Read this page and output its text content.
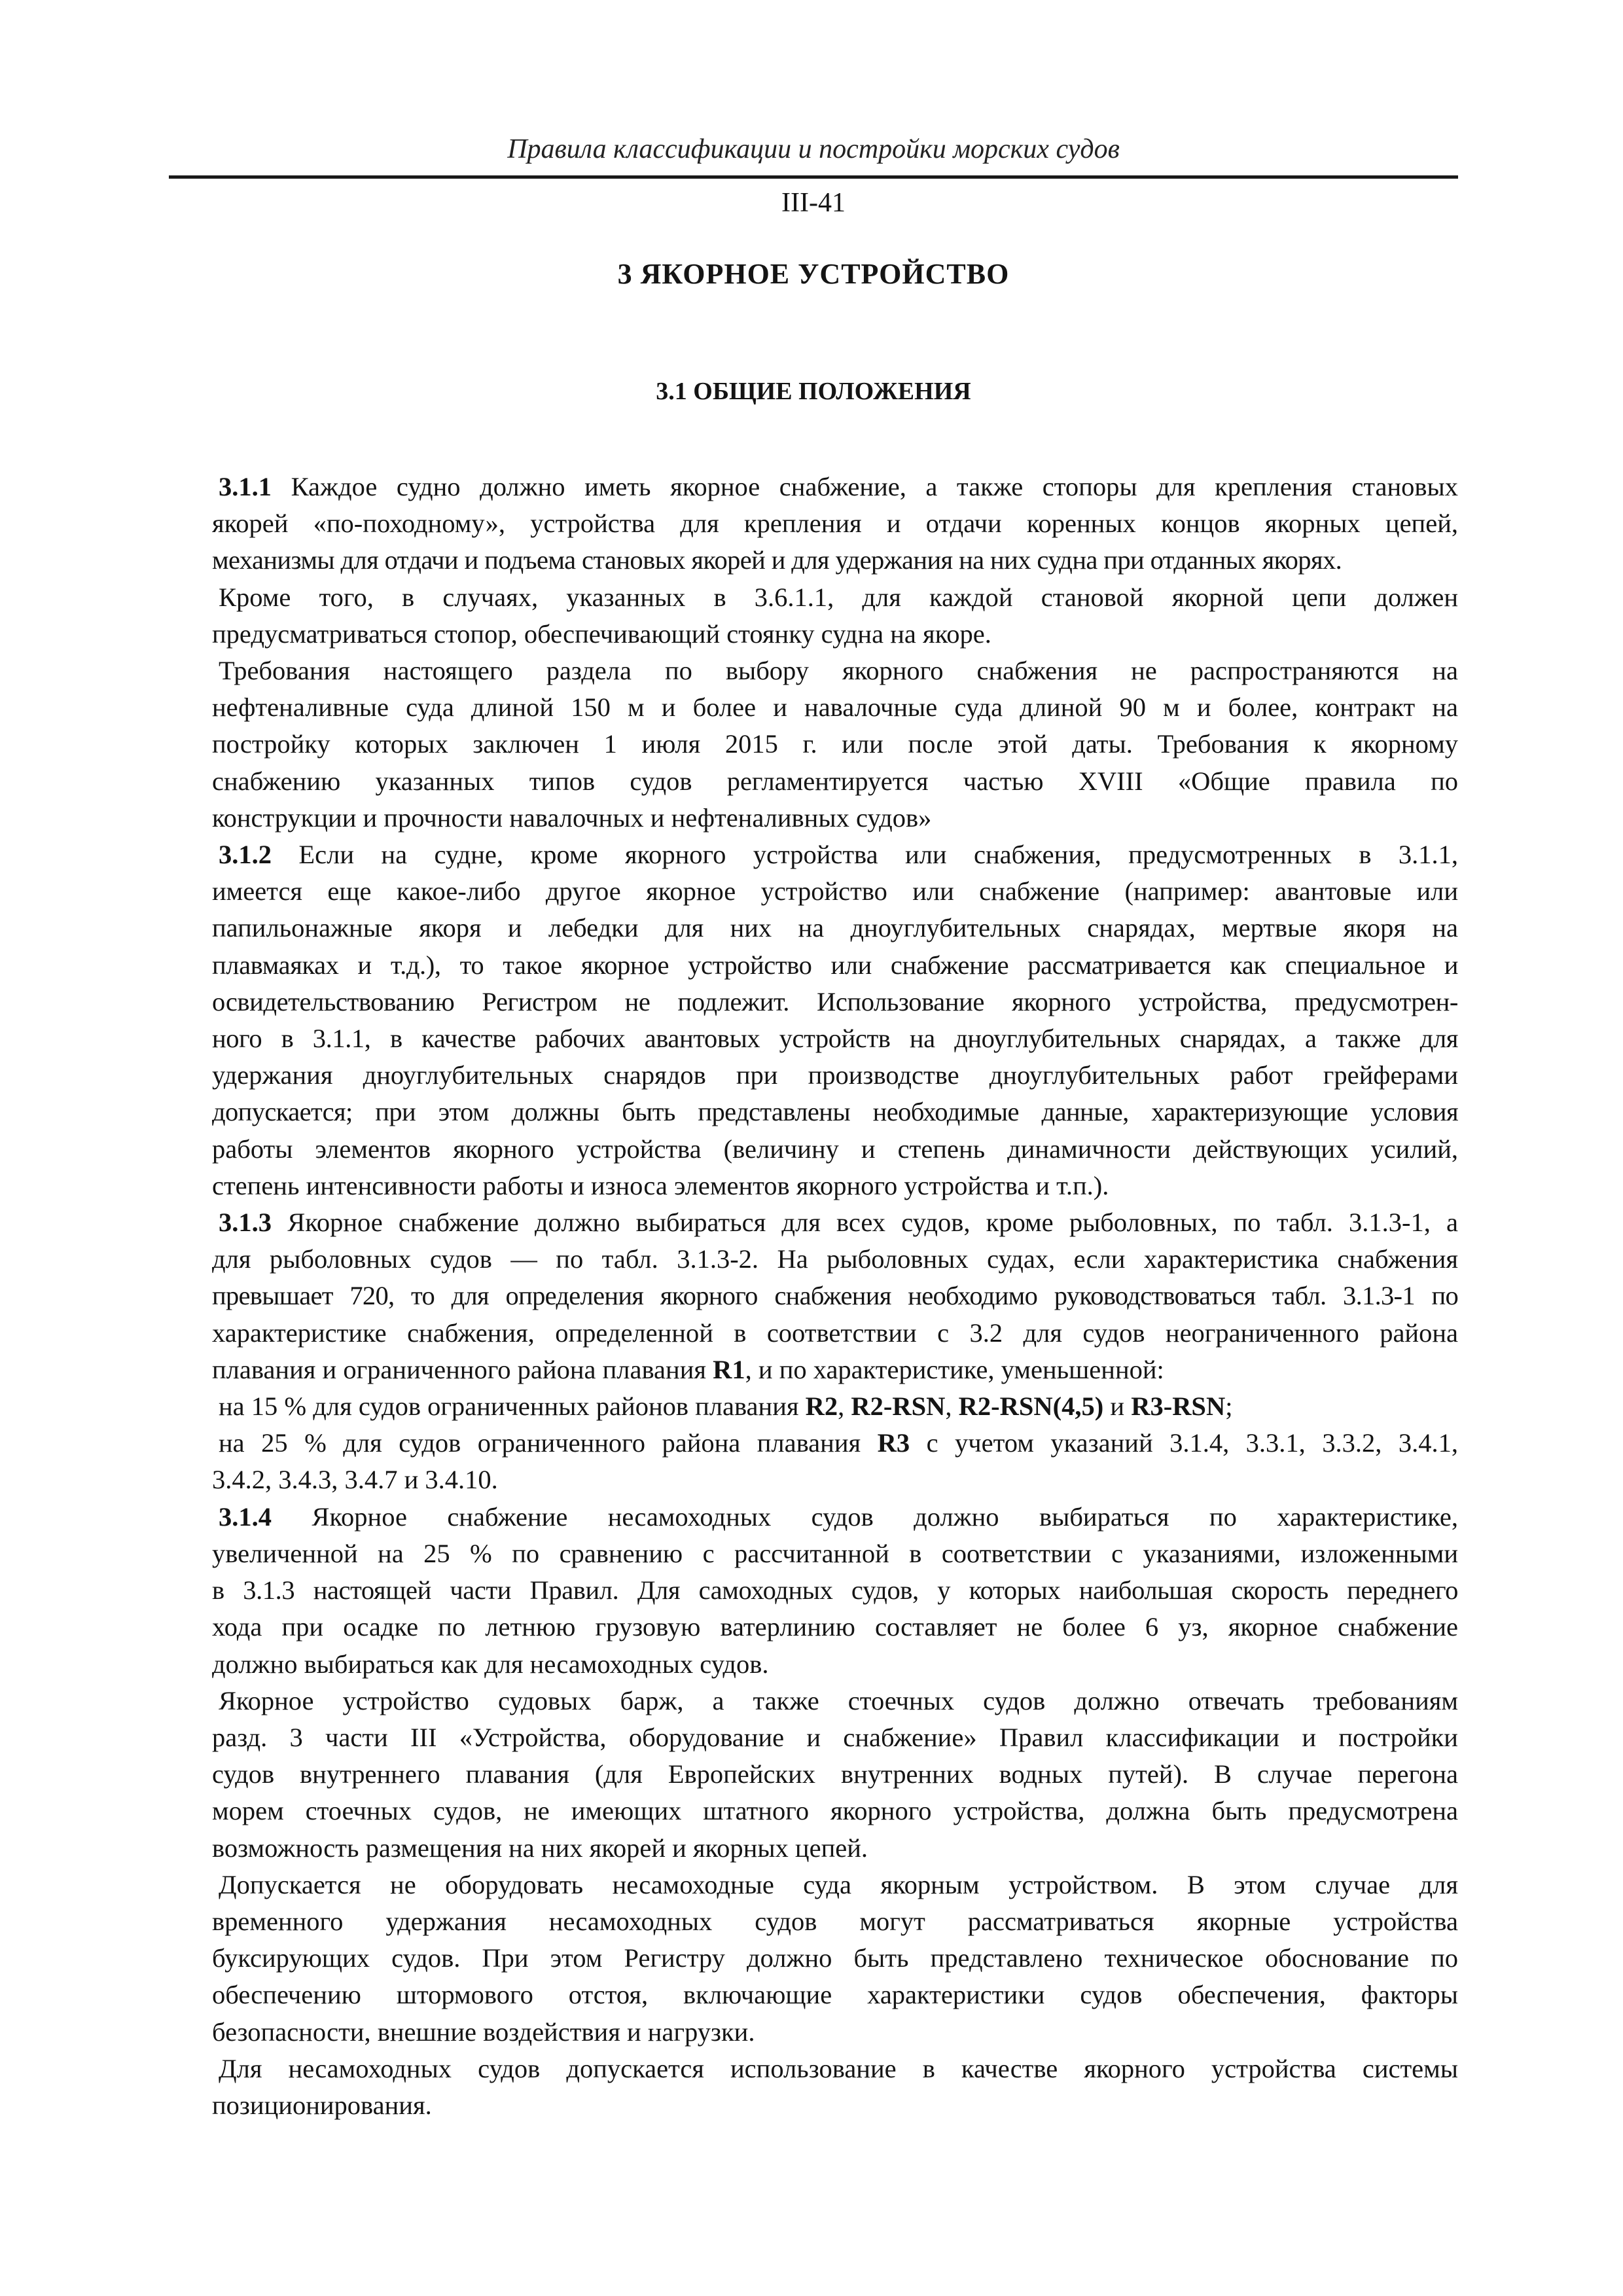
Правила классификации и постройки морских судов
III-41
3 ЯКОРНОЕ УСТРОЙСТВО
3.1 ОБЩИЕ ПОЛОЖЕНИЯ

3.1.1 Каждое судно должно иметь якорное снабжение, а также стопоры для крепления становых
якорей «по-походному», устройства для крепления и отдачи коренных концов якорных цепей,
механизмы для отдачи и подъема становых якорей и для удержания на них судна при отданных якорях.

Кроме того, в случаях, указанных в 3.6.1.1, для каждой становой якорной цепи должен
предусматриваться стопор, обеспечивающий стоянку судна на якоре.

Требования настоящего раздела по выбору якорного снабжения не распространяются на
нефтеналивные суда длиной 150 м и более и навалочные суда длиной 90 м и более, контракт на
постройку которых заключен 1 июля 2015 г. или после этой даты. Требования к якорному
снабжению указанных типов судов регламентируется частью XVIII «Общие правила по
конструкции и прочности навалочных и нефтеналивных судов»

3.1.2 Если на судне, кроме якорного устройства или снабжения, предусмотренных в 3.1.1,
имеется еще какое-либо другое якорное устройство или снабжение (например: авантовые или
папильонажные якоря и лебедки для них на дноуглубительных снарядах, мертвые якоря на
плавмаяках и т.д.), то такое якорное устройство или снабжение рассматривается как специальное и
освидетельствованию Регистром не подлежит. Использование якорного устройства, предусмотрен-
ного в 3.1.1, в качестве рабочих авантовых устройств на дноуглубительных снарядах, а также для
удержания дноуглубительных снарядов при производстве дноуглубительных работ грейферами
допускается; при этом должны быть представлены необходимые данные, характеризующие условия
работы элементов якорного устройства (величину и степень динамичности действующих усилий,
степень интенсивности работы и износа элементов якорного устройства и т.п.).

3.1.3 Якорное снабжение должно выбираться для всех судов, кроме рыболовных, по табл. 3.1.3-1, а
для рыболовных судов — по табл. 3.1.3-2. На рыболовных судах, если характеристика снабжения
превышает 720, то для определения якорного снабжения необходимо руководствоваться табл. 3.1.3-1 по
характеристике снабжения, определенной в соответствии с 3.2 для судов неограниченного района
плавания и ограниченного района плавания R1, и по характеристике, уменьшенной:

на 15 % для судов ограниченных районов плавания R2, R2-RSN, R2-RSN(4,5) и R3-RSN;

на 25 % для судов ограниченного района плавания R3 с учетом указаний 3.1.4, 3.3.1, 3.3.2, 3.4.1,
3.4.2, 3.4.3, 3.4.7 и 3.4.10.

3.1.4 Якорное снабжение несамоходных судов должно выбираться по характеристике,
увеличенной на 25 % по сравнению с рассчитанной в соответствии с указаниями, изложенными
в 3.1.3 настоящей части Правил. Для самоходных судов, у которых наибольшая скорость переднего
хода при осадке по летнюю грузовую ватерлинию составляет не более 6 уз, якорное снабжение
должно выбираться как для несамоходных судов.

Якорное устройство судовых барж, а также стоечных судов должно отвечать требованиям
разд. 3 части III «Устройства, оборудование и снабжение» Правил классификации и постройки
судов внутреннего плавания (для Европейских внутренних водных путей). В случае перегона
морем стоечных судов, не имеющих штатного якорного устройства, должна быть предусмотрена
возможность размещения на них якорей и якорных цепей.

Допускается не оборудовать несамоходные суда якорным устройством. В этом случае для
временного удержания несамоходных судов могут рассматриваться якорные устройства
буксирующих судов. При этом Регистру должно быть представлено техническое обоснование по
обеспечению штормового отстоя, включающие характеристики судов обеспечения, факторы
безопасности, внешние воздействия и нагрузки.

Для несамоходных судов допускается использование в качестве якорного устройства системы
позиционирования.
